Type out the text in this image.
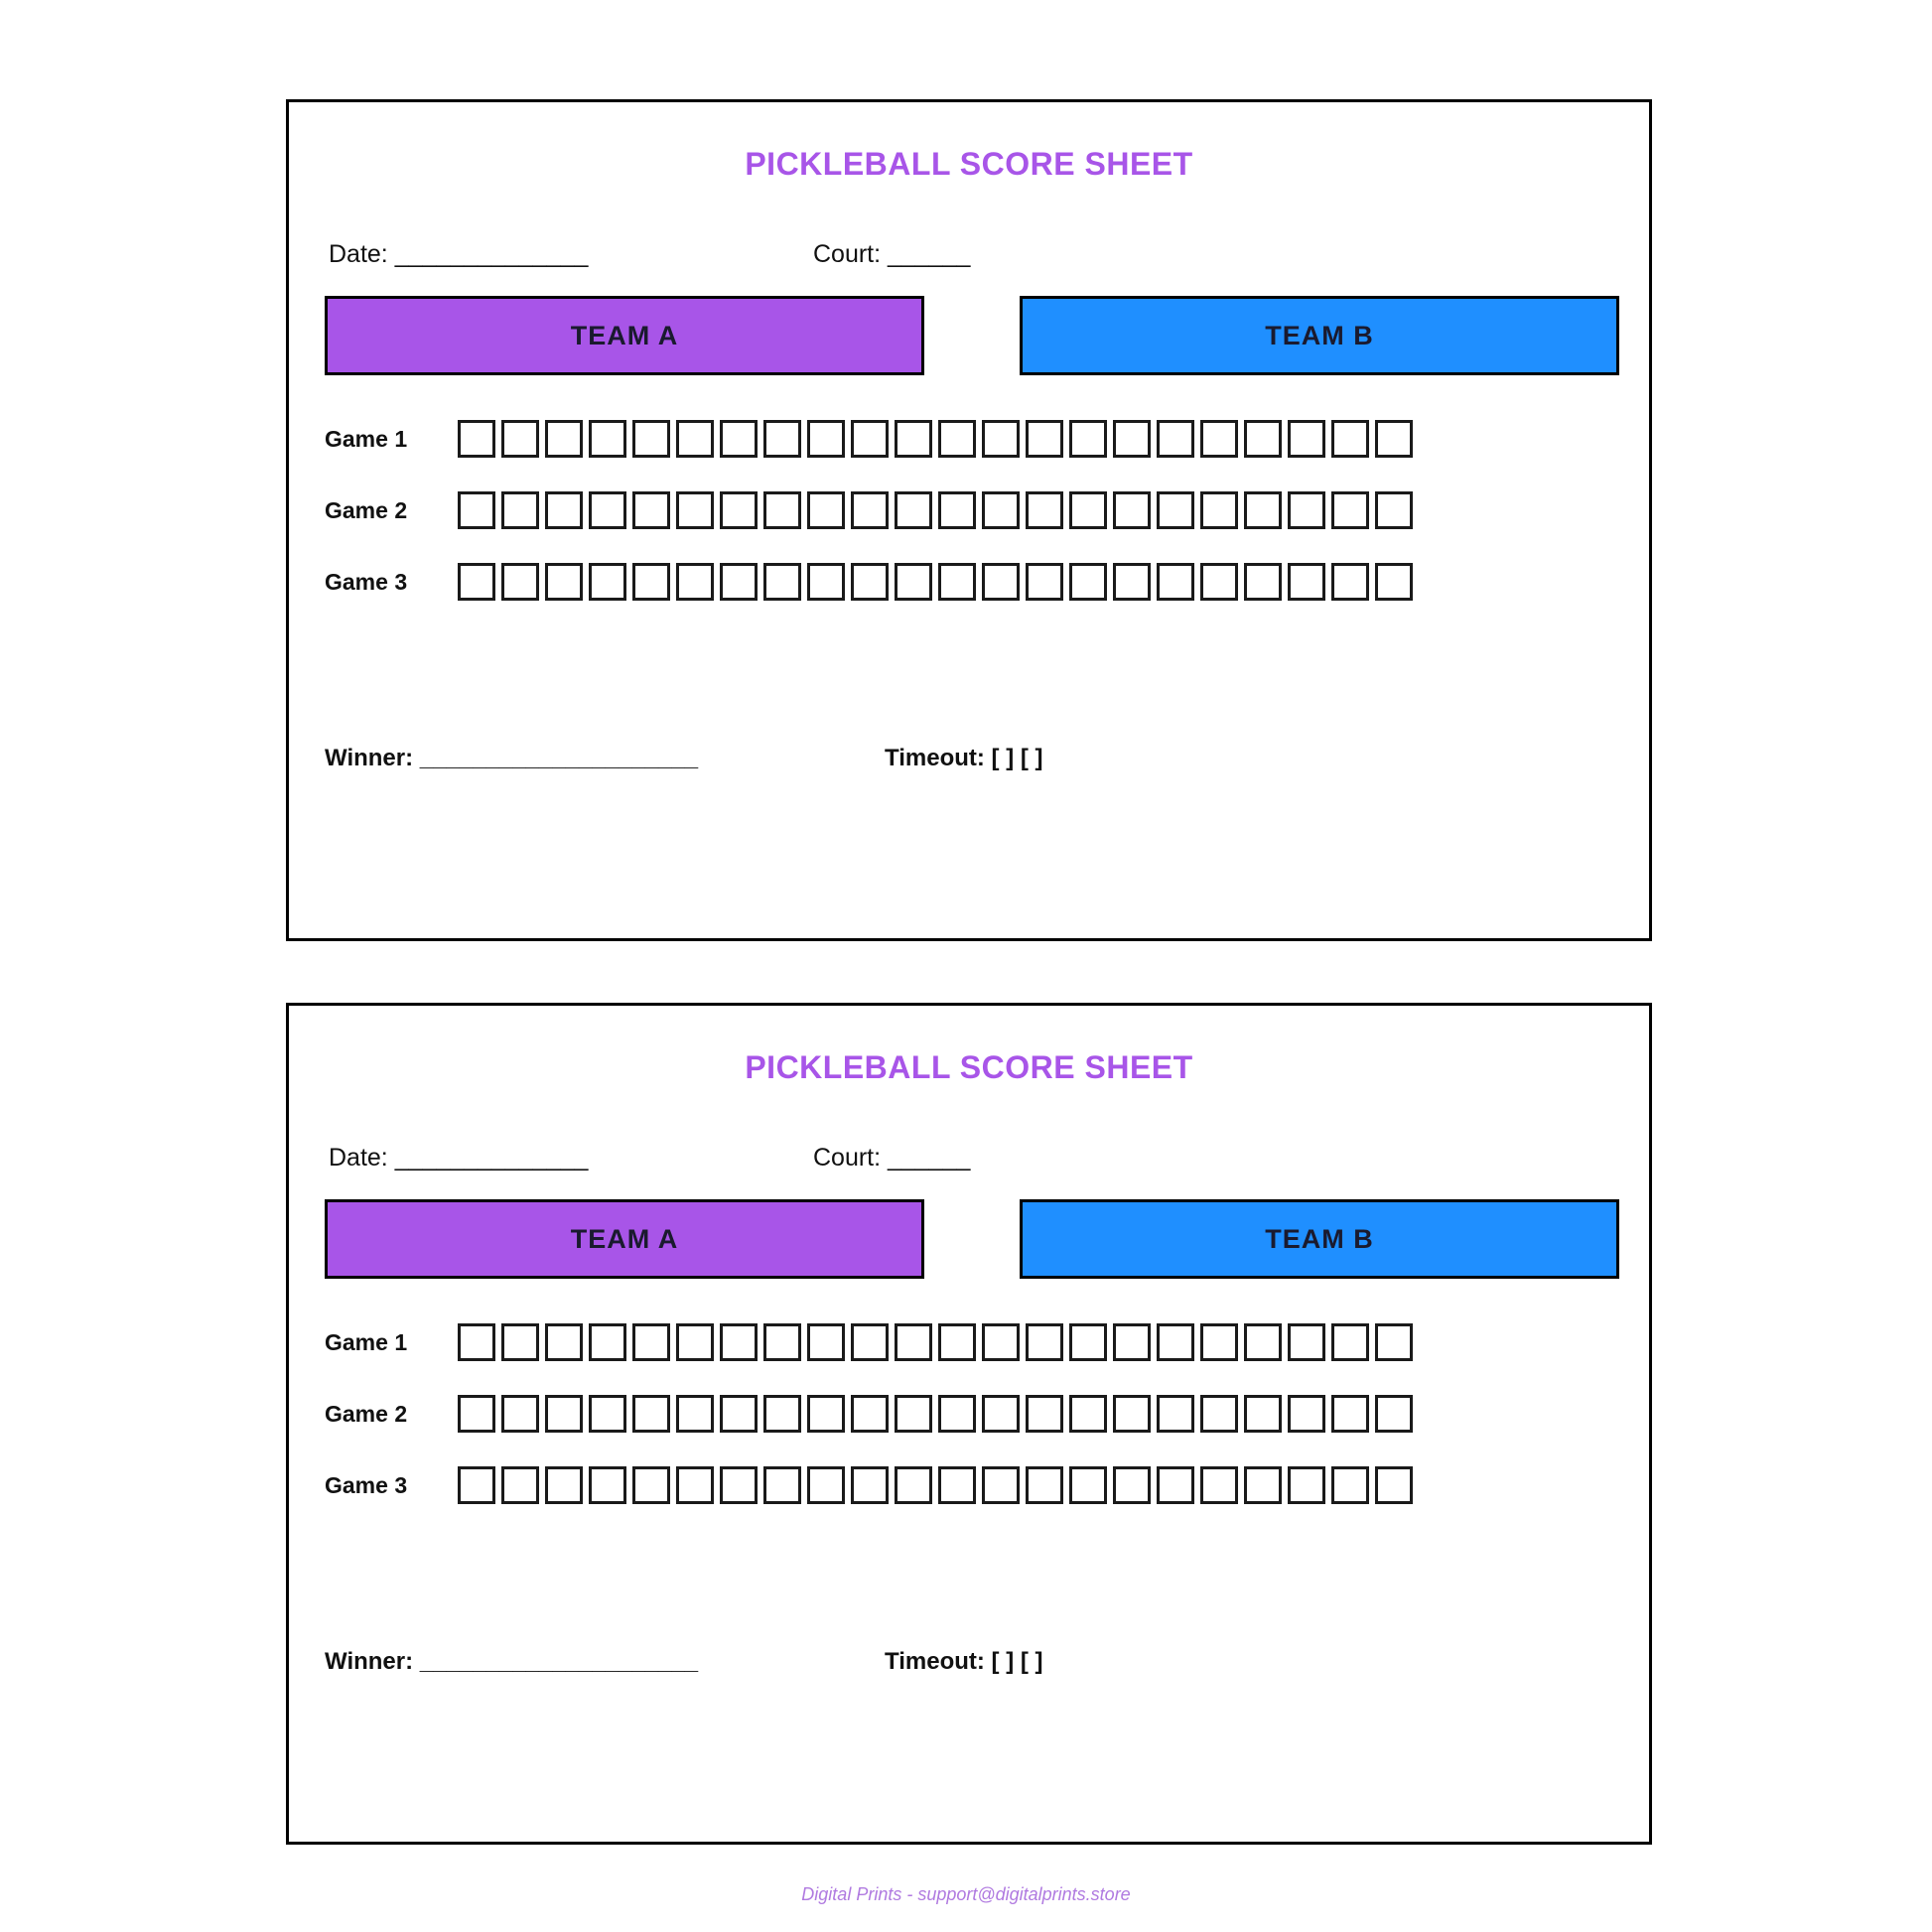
PICKLEBALL SCORE SHEET
Date: ______________	Court: ______
TEAM A	TEAM B
Game 1
Game 2
Game 3
Winner: _____________________	Timeout: [ ] [ ]
PICKLEBALL SCORE SHEET
Date: ______________	Court: ______
TEAM A	TEAM B
Game 1
Game 2
Game 3
Winner: _____________________	Timeout: [ ] [ ]
Digital Prints - support@digitalprints.store
